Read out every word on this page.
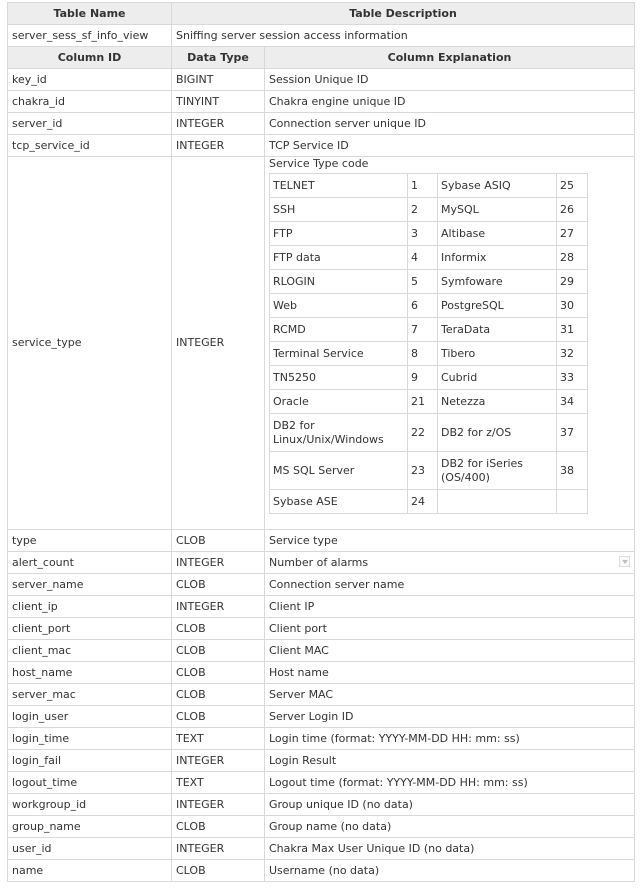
Table Name	Table Description
server_sess_sf_info_view	Sniffing server session access information
Column ID	Data Type	Column Explanation
key_id	BIGINT	Session Unique ID
chakra_id	TINYINT	Chakra engine unique ID
server_id	INTEGER	Connection server unique ID
tcp_service_id	INTEGER	TCP Service ID
service_type	INTEGER	
Service Type code
TELNET	1	Sybase ASIQ	25
SSH	2	MySQL	26
FTP	3	Altibase	27
FTP data	4	Informix	28
RLOGIN	5	Symfoware	29
Web	6	PostgreSQL	30
RCMD	7	TeraData	31
Terminal Service	8	Tibero	32
TN5250	9	Cubrid	33
Oracle	21	Netezza	34
DB2 for Linux/Unix/Windows	22	DB2 for z/OS	37
MS SQL Server	23	DB2 for iSeries (OS/400)	38
Sybase ASE	24		

type	CLOB	Service type
alert_count	INTEGER	Number of alarms

server_name	CLOB	Connection server name
client_ip	INTEGER	Client IP
client_port	CLOB	Client port
client_mac	CLOB	Client MAC
host_name	CLOB	Host name
server_mac	CLOB	Server MAC
login_user	CLOB	Server Login ID
login_time	TEXT	Login time (format: YYYY-MM-DD HH: mm: ss)
login_fail	INTEGER	Login Result
logout_time	TEXT	Logout time (format: YYYY-MM-DD HH: mm: ss)
workgroup_id	INTEGER	Group unique ID (no data)
group_name	CLOB	Group name (no data)
user_id	INTEGER	Chakra Max User Unique ID (no data)
name	CLOB	Username (no data)
